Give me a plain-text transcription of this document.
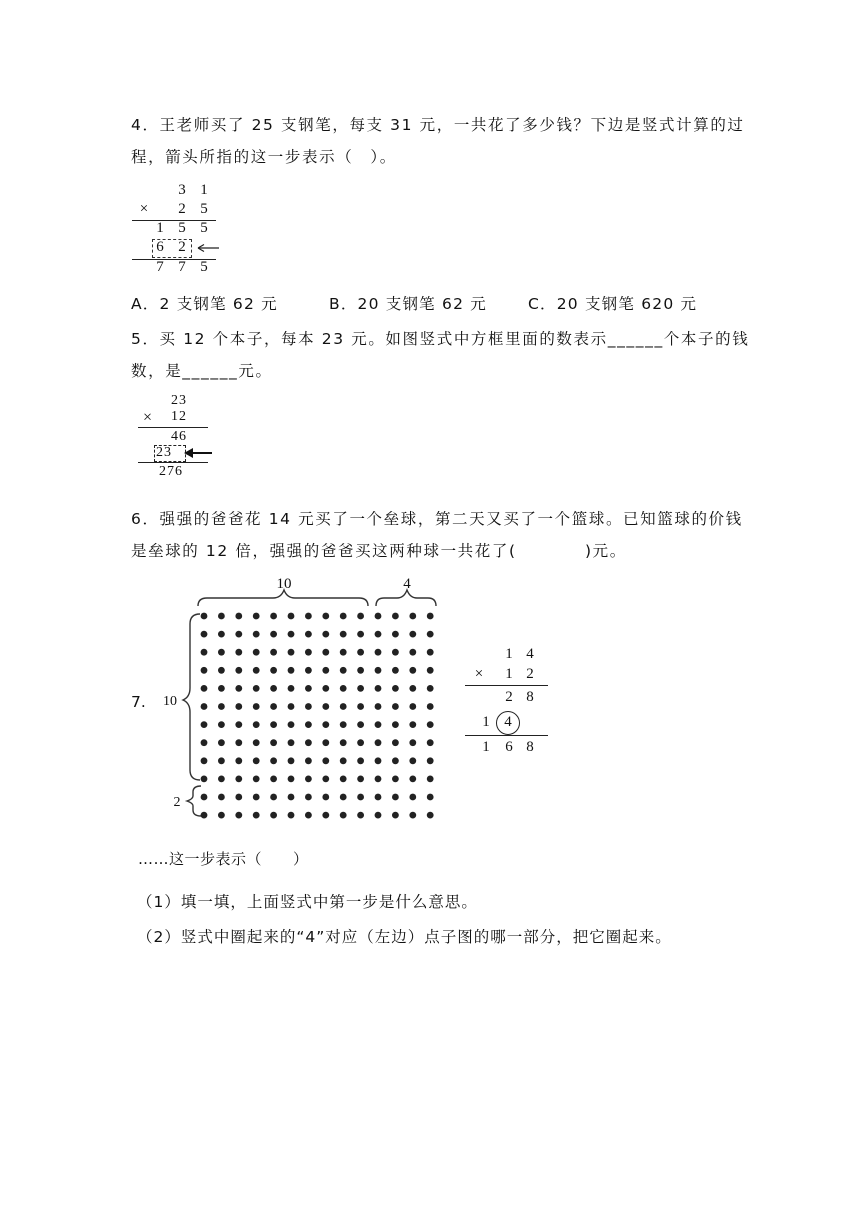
4．王老师买了 25 支钢笔，每支 31 元，一共花了多少钱？下边是竖式计算的过
程，箭头所指的这一步表示（　）。
3 1
×	2 5
1 5 5
6 2
7 7 5
A．2 支钢笔 62 元	B．20 支钢笔 62 元	C．20 支钢笔 620 元
5．买 12 个本子，每本 23 元。如图竖式中方框里面的数表示______个本子的钱
数，是______元。
23
× 12
46
23
276
6．强强的爸爸花 14 元买了一个垒球，第二天又买了一个篮球。已知篮球的价钱
是垒球的 12 倍，强强的爸爸买这两种球一共花了(　　　　)元。
7.
10	4
10
2
1 4
×	1 2
2 8
1 4
1	6 8
……这一步表示（　　）
（1）填一填，上面竖式中第一步是什么意思。
（2）竖式中圈起来的“4”对应（左边）点子图的哪一部分，把它圈起来。
